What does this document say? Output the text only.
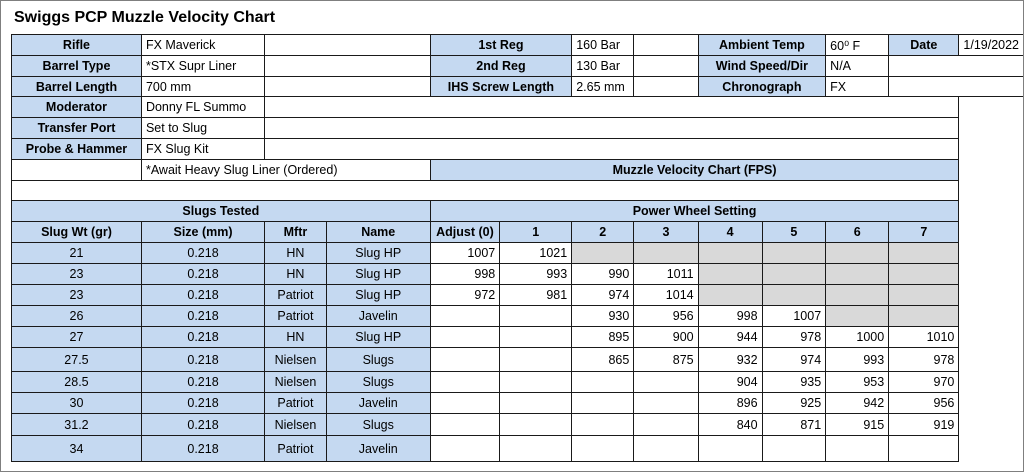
Swiggs PCP Muzzle Velocity Chart
Rifle	FX Maverick			1st Reg		160 Bar		Ambient Temp		60⁰ F	Date	1/19/2022
Barrel Type	*STX Supr Liner			2nd Reg		130 Bar		Wind Speed/Dir		N/A		
Barrel Length	700 mm			IHS Screw Length		2.65 mm		Chronograph		FX		
Moderator	Donny FL Summo											
Transfer Port	Set to Slug											
Probe & Hammer	FX Slug Kit											
	*Await Heavy Slug Liner (Ordered)			Muzzle Velocity Chart (FPS)								

Slugs Tested				Power Wheel Setting								
Slug Wt (gr)	Size (mm)	Mftr	Name	Adjust (0)	1	2	3	4	5	6	7	
21	0.218	HN	Slug HP	1007	1021							
23	0.218	HN	Slug HP	998	993	990	1011					
23	0.218	Patriot	Slug HP	972	981	974	1014					
26	0.218	Patriot	Javelin			930	956	998	1007			
27	0.218	HN	Slug HP			895	900	944	978	1000	1010	
27.5	0.218	Nielsen	Slugs			865	875	932	974	993	978	
28.5	0.218	Nielsen	Slugs					904	935	953	970	
30	0.218	Patriot	Javelin					896	925	942	956	
31.2	0.218	Nielsen	Slugs					840	871	915	919	
34	0.218	Patriot	Javelin									
